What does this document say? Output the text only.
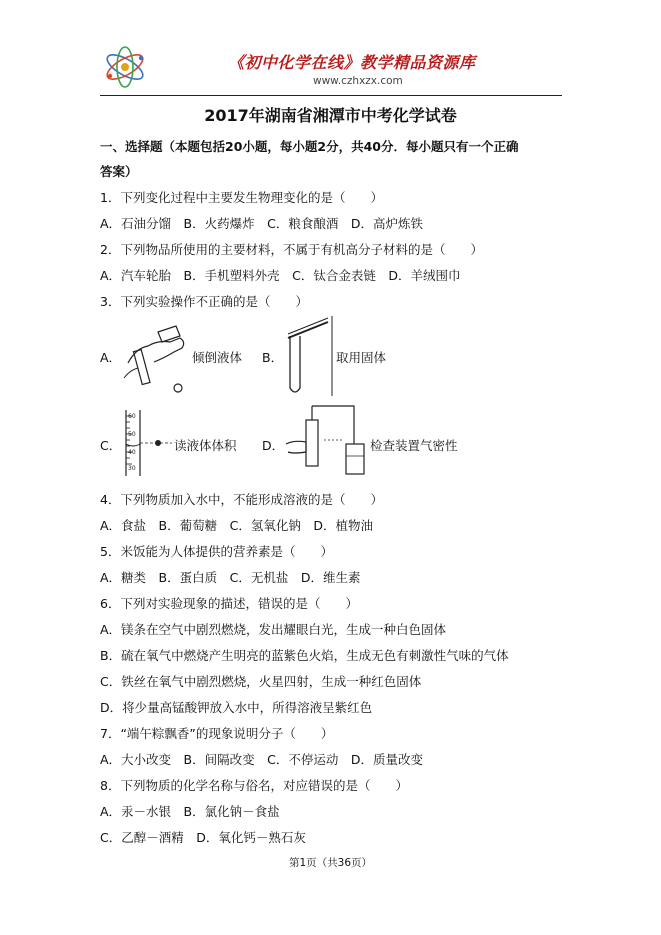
《初中化学在线》教学精品资源库
www.czhxzx.com
2017年湖南省湘潭市中考化学试卷
一、选择题（本题包括20小题，每小题2分，共40分．每小题只有一个正确
答案）
1．下列变化过程中主要发生物理变化的是（　　）
A．石油分馏　B．火药爆炸　C．粮食酿酒　D．高炉炼铁
2．下列物品所使用的主要材料，不属于有机高分子材料的是（　　）
A．汽车轮胎　B．手机塑料外壳　C．钛合金表链　D．羊绒围巾
3．下列实验操作不正确的是（　　）
A．	倾倒液体 B．	取用固体
C．
60
50
40
30
读液体体积 D．	检查装置气密性
4．下列物质加入水中，不能形成溶液的是（　　）
A．食盐　B．葡萄糖　C．氢氧化钠　D．植物油
5．米饭能为人体提供的营养素是（　　）
A．糖类　B．蛋白质　C．无机盐　D．维生素
6．下列对实验现象的描述，错误的是（　　）
A．镁条在空气中剧烈燃烧，发出耀眼白光，生成一种白色固体
B．硫在氧气中燃烧产生明亮的蓝紫色火焰，生成无色有刺激性气味的气体
C．铁丝在氧气中剧烈燃烧，火星四射，生成一种红色固体
D．将少量高锰酸钾放入水中，所得溶液呈紫红色
7．“端午粽飘香”的现象说明分子（　　）
A．大小改变　B．间隔改变　C．不停运动　D．质量改变
8．下列物质的化学名称与俗名，对应错误的是（　　）
A．汞－水银　B．氯化钠－食盐
C．乙醇－酒精　D．氧化钙－熟石灰
第1页（共36页）
